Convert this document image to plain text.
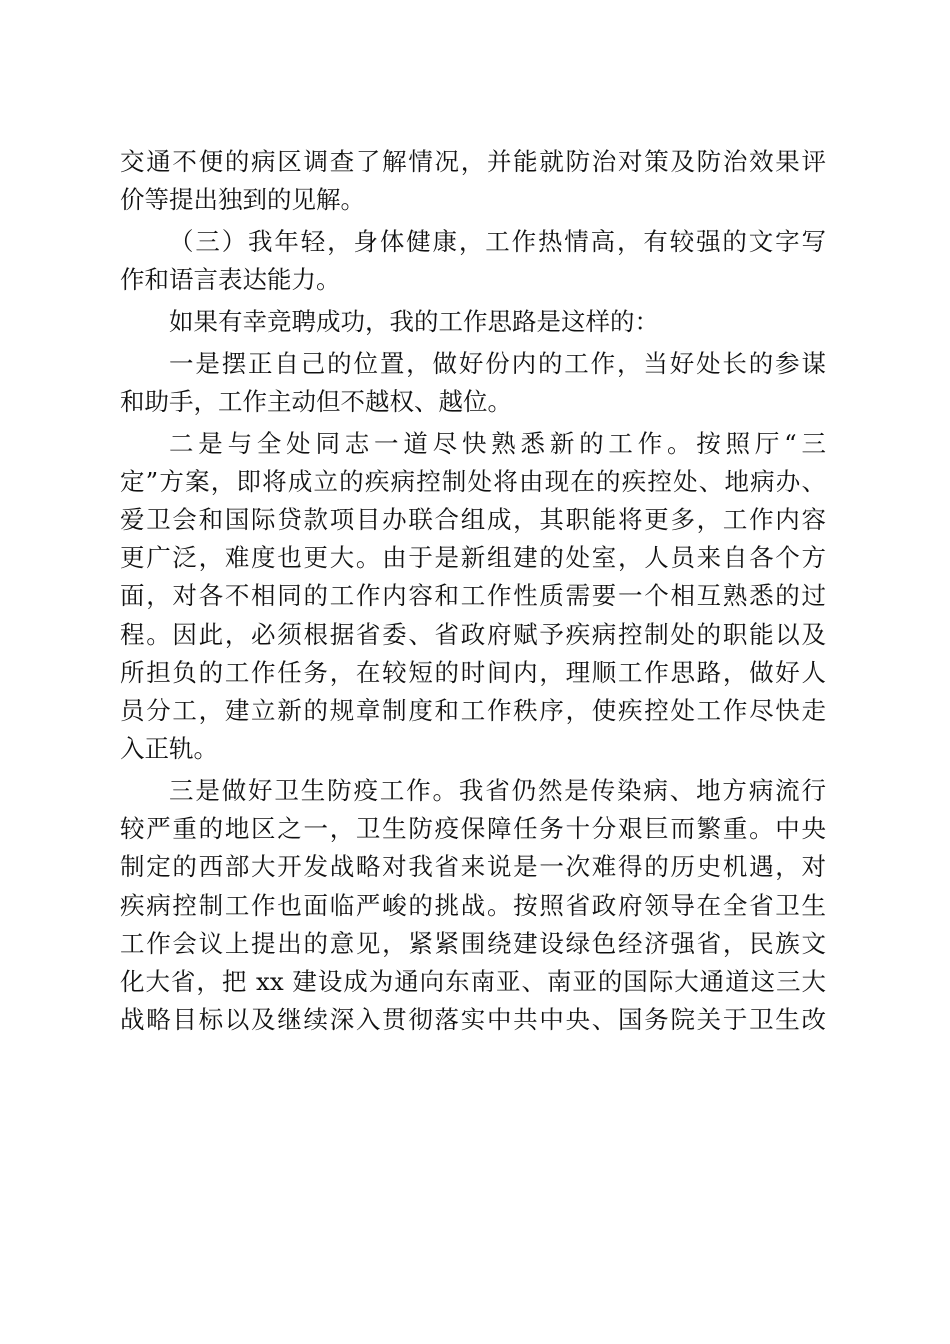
交通不便的病区调查了解情况，并能就防治对策及防治效果评
价等提出独到的见解。
（三）我年轻，身体健康，工作热情高，有较强的文字写
作和语言表达能力。
如果有幸竞聘成功，我的工作思路是这样的：
一是摆正自己的位置，做好份内的工作，当好处长的参谋
和助手，工作主动但不越权、越位。
二是与全处同志一道尽快熟悉新的工作。按照厅“三
定”方案，即将成立的疾病控制处将由现在的疾控处、地病办、
爱卫会和国际贷款项目办联合组成，其职能将更多，工作内容
更广泛，难度也更大。由于是新组建的处室，人员来自各个方
面，对各不相同的工作内容和工作性质需要一个相互熟悉的过
程。因此，必须根据省委、省政府赋予疾病控制处的职能以及
所担负的工作任务，在较短的时间内，理顺工作思路，做好人
员分工，建立新的规章制度和工作秩序，使疾控处工作尽快走
入正轨。
三是做好卫生防疫工作。我省仍然是传染病、地方病流行
较严重的地区之一，卫生防疫保障任务十分艰巨而繁重。中央
制定的西部大开发战略对我省来说是一次难得的历史机遇，对
疾病控制工作也面临严峻的挑战。按照省政府领导在全省卫生
工作会议上提出的意见，紧紧围绕建设绿色经济强省，民族文
化大省，把 xx 建设成为通向东南亚、南亚的国际大通道这三大
战略目标以及继续深入贯彻落实中共中央、国务院关于卫生改
